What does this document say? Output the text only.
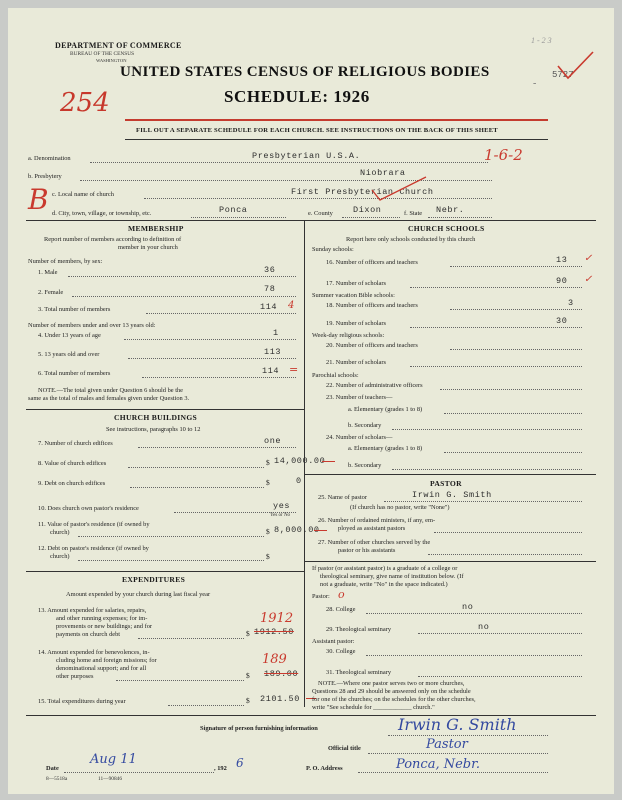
DEPARTMENT OF COMMERCE
BUREAU OF THE CENSUS
WASHINGTON
UNITED STATES CENSUS OF RELIGIOUS BODIES
SCHEDULE: 1926
254
5727
-
1 - 2 3
FILL OUT A SEPARATE SCHEDULE FOR EACH CHURCH. SEE INSTRUCTIONS ON THE BACK OF THIS SHEET
a. Denomination	Presbyterian U.S.A.	1-6-2
b. Presbytery	Niobrara
B c. Local name of church	First Presbyterian Church
d. City, town, village, or township, etc.	Ponca	e. County Dixon	f. State Nebr.
MEMBERSHIP
Report number of members according to definition of
member in your church
Number of members, by sex:
1. Male	36
2. Female	78
3. Total number of members	114 4
Number of members under and over 13 years old:
4. Under 13 years of age	1
5. 13 years old and over	113
6. Total number of members	114 =
NOTE.—The total given under Question 6 should be the
same as the total of males and females given under Question 3.
CHURCH BUILDINGS
See instructions, paragraphs 10 to 12
7. Number of church edifices	one
8. Value of church edifices	$ 14,000.00
9. Debt on church edifices	$	0
10. Does church own pastor's residence	yes
Yes or No
11. Value of pastor's residence (if owned by
church)	$ 8,000.00
12. Debt on pastor's residence (if owned by
church)	$
EXPENDITURES
Amount expended by your church during last fiscal year
13. Amount expended for salaries, repairs,
and other running expenses; for im-
provements or new buildings; and for
payments on church debt
1912
$ 1912.50
14. Amount expended for benevolences, in-
cluding home and foreign missions; for
denominational support; and for all
other purposes
189
$ 189.00
15. Total expenditures during year	$ 2101.50
CHURCH SCHOOLS
Report here only schools conducted by this church
Sunday schools:
16. Number of officers and teachers	13 ✓
17. Number of scholars	90 ✓
Summer vacation Bible schools:
18. Number of officers and teachers	3
19. Number of scholars	30
Week-day religious schools:
20. Number of officers and teachers
21. Number of scholars
Parochial schools:
22. Number of administrative officers
23. Number of teachers—
a. Elementary (grades 1 to 8)
b. Secondary
24. Number of scholars—
a. Elementary (grades 1 to 8)
b. Secondary
PASTOR
25. Name of pastor	Irwin G. Smith
(If church has no pastor, write "None")
26. Number of ordained ministers, if any, em-
ployed as assistant pastors
27. Number of other churches served by the
pastor or his assistants
If pastor (or assistant pastor) is a graduate of a college or
theological seminary, give name of institution below. (If
not a graduate, write "No" in the space indicated.)
Pastor: o
28. College	no
29. Theological seminary	no
Assistant pastor:
30. College
31. Theological seminary
NOTE.—Where one pastor serves two or more churches,
Questions 28 and 29 should be answered only on the schedule
for one of the churches; on the schedules for the other churches,
write "See schedule for ____________ church."
Signature of person furnishing information	Irwin G. Smith
Official title	Pastor
Date
Aug 11
, 192 6	P. O. Address	Ponca, Nebr.
8—5518a	11—90846
